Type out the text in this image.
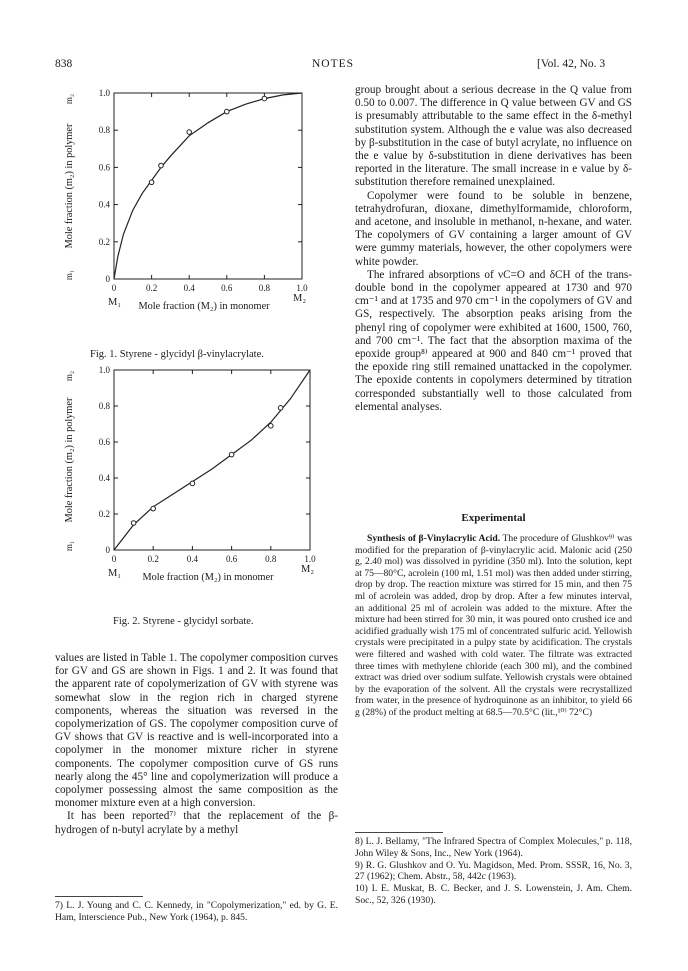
838	NOTES	[Vol. 42, No. 3
0	0.2	0.4	0.6	0.8	1.0
0
0.2
0.4
0.6
0.8
1.0
Mole fraction (m₂) in polymer
m₂
m₁
M₁	M₂
Mole fraction (M₂) in monomer
Fig. 1. Styrene - glycidyl β-vinylacrylate.
0	0.2	0.4	0.6	0.8	1.0
0
0.2
0.4
0.6
0.8
1.0
Mole fraction (m₂) in polymer
m₂
m₁
M₁	M₂
Mole fraction (M₂) in monomer
Fig. 2. Styrene - glycidyl sorbate.

values are listed in Table 1. The copolymer composition curves for GV and GS are shown in Figs. 1 and 2. It was found that the apparent rate of copolymerization of GV with styrene was somewhat slow in the region rich in charged styrene components, whereas the situation was reversed in the copolymerization of GS. The copolymer composition curve of GV shows that GV is reactive and is well-incorporated into a copolymer in the monomer mixture richer in styrene components. The copolymer composition curve of GS runs nearly along the 45° line and copolymerization will produce a copolymer possessing almost the same composition as the monomer mixture even at a high conversion.

It has been reported⁷⁾ that the replacement of the β-hydrogen of n-butyl acrylate by a methyl

7) L. J. Young and C. C. Kennedy, in "Copolymerization," ed. by G. E. Ham, Interscience Pub., New York (1964), p. 845.

group brought about a serious decrease in the Q value from 0.50 to 0.007. The difference in Q value between GV and GS is presumably attributable to the same effect in the δ-methyl substitution system. Although the e value was also decreased by β-substitution in the case of butyl acrylate, no influence on the e value by δ-substitution in diene derivatives has been reported in the literature. The small increase in e value by δ-substitution therefore remained unexplained.

Copolymer were found to be soluble in benzene, tetrahydrofuran, dioxane, dimethylformamide, chloroform, and acetone, and insoluble in methanol, n-hexane, and water. The copolymers of GV containing a larger amount of GV were gummy materials, however, the other copolymers were white powder.

The infrared absorptions of νC=O and δCH of the trans-double bond in the copolymer appeared at 1730 and 970 cm⁻¹ and at 1735 and 970 cm⁻¹ in the copolymers of GV and GS, respectively. The absorption peaks arising from the phenyl ring of copolymer were exhibited at 1600, 1500, 760, and 700 cm⁻¹. The fact that the absorption maxima of the epoxide group⁸⁾ appeared at 900 and 840 cm⁻¹ proved that the epoxide ring still remained unattacked in the copolymer. The epoxide contents in copolymers determined by titration corresponded substantially well to those calculated from elemental analyses.

Experimental

Synthesis of β-Vinylacrylic Acid. The procedure of Glushkov⁹⁾ was modified for the preparation of β-vinylacrylic acid. Malonic acid (250 g, 2.40 mol) was dissolved in pyridine (350 ml). Into the solution, kept at 75—80°C, acrolein (100 ml, 1.51 mol) was then added under stirring, drop by drop. The reaction mixture was stirred for 15 min, and then 75 ml of acrolein was added, drop by drop. After a few minutes interval, an additional 25 ml of acrolein was added to the mixture. After the mixture had been stirred for 30 min, it was poured onto crushed ice and acidified gradually wish 175 ml of concentrated sulfuric acid. Yellowish crystals were precipitated in a pulpy state by acidification. The crystals were filtered and washed with cold water. The filtrate was extracted three times with methylene chloride (each 300 ml), and the combined extract was dried over sodium sulfate. Yellowish crystals were obtained by the evaporation of the solvent. All the crystals were recrystallized from water, in the presence of hydroquinone as an inhibitor, to yield 66 g (28%) of the product melting at 68.5—70.5°C (lit.,¹⁰⁾ 72°C)

8) L. J. Bellamy, "The Infrared Spectra of Complex Molecules," p. 118, John Wiley & Sons, Inc., New York (1964).
9) R. G. Glushkov and O. Yu. Magidson, Med. Prom. SSSR, 16, No. 3, 27 (1962); Chem. Abstr., 58, 442c (1963).
10) I. E. Muskat, B. C. Becker, and J. S. Lowenstein, J. Am. Chem. Soc., 52, 326 (1930).
